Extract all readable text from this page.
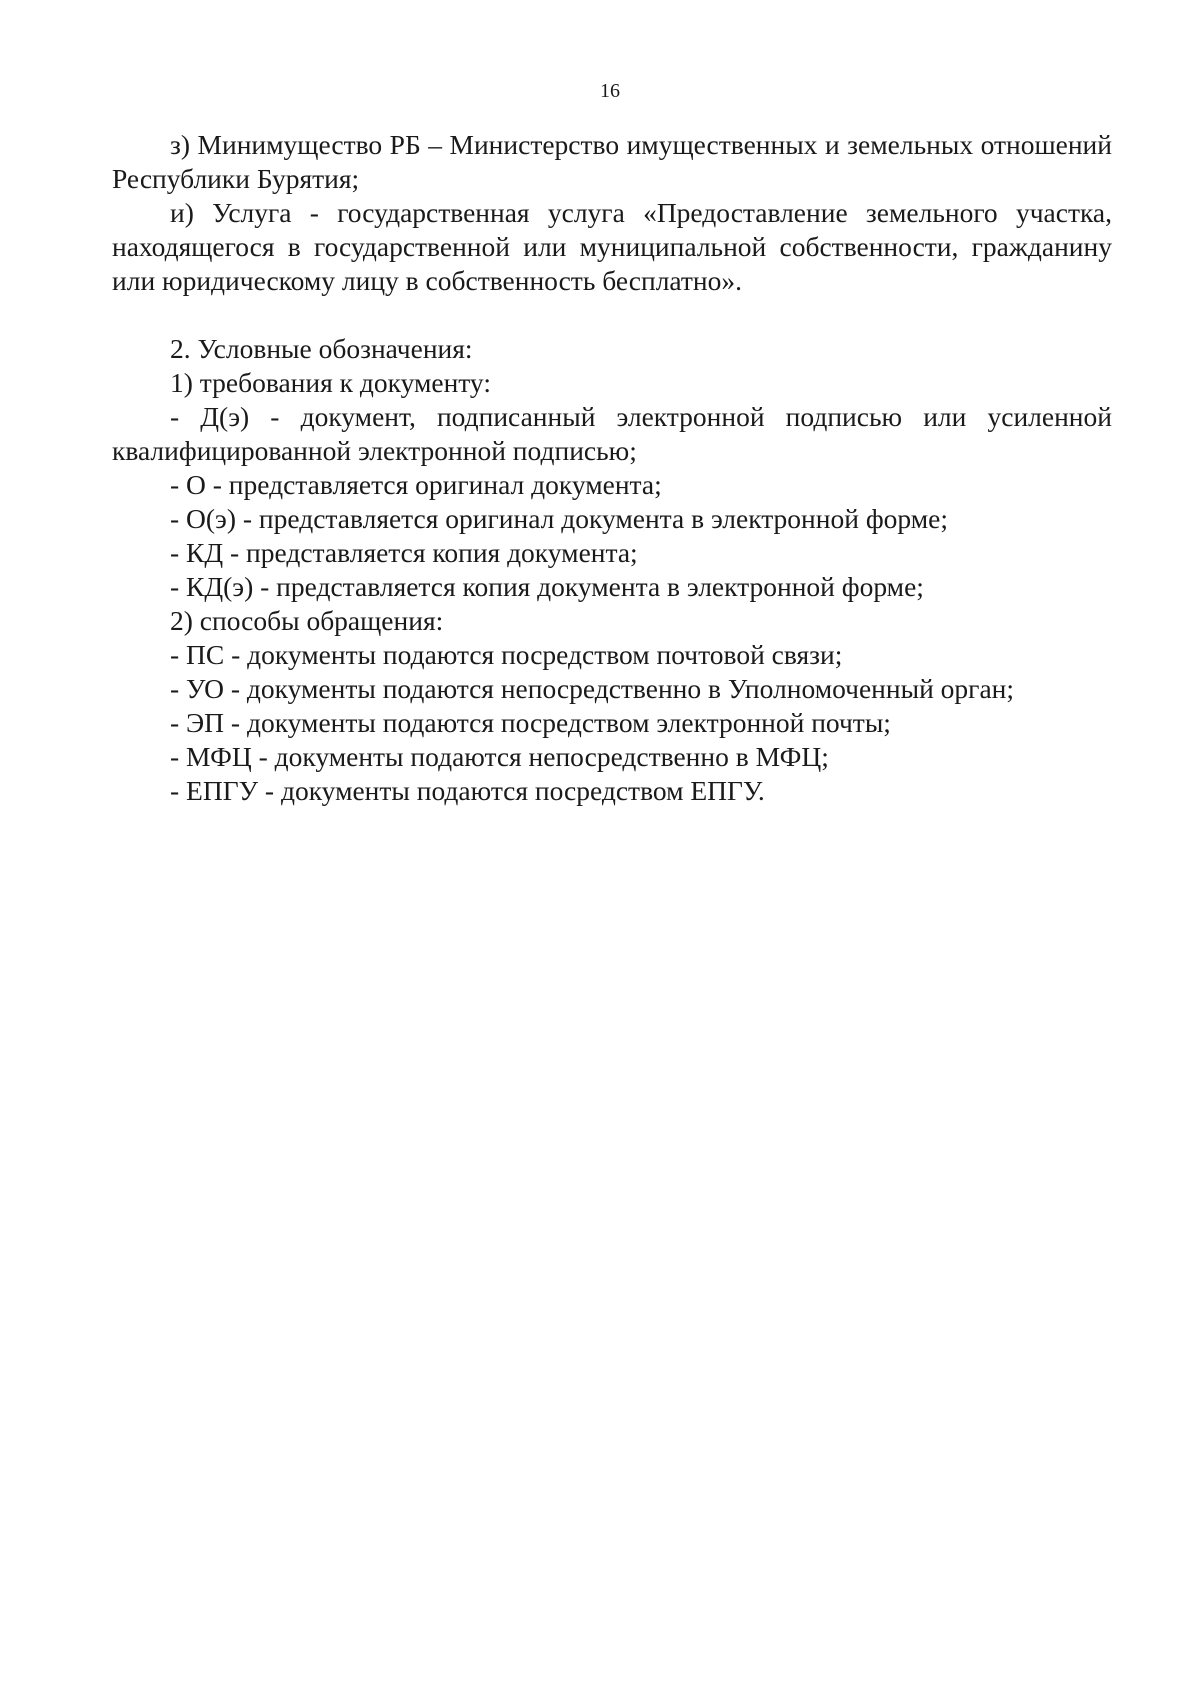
16

з) Минимущество РБ – Министерство имущественных и земельных отношений Республики Бурятия;

и) Услуга - государственная услуга «Предоставление земельного участка, находящегося в государственной или муниципальной собственности, гражданину или юридическому лицу в собственность бесплатно».

2. Условные обозначения:

1) требования к документу:

- Д(э) - документ, подписанный электронной подписью или усиленной квалифицированной электронной подписью;

- О - представляется оригинал документа;

- О(э) - представляется оригинал документа в электронной форме;

- КД - представляется копия документа;

- КД(э) - представляется копия документа в электронной форме;

2) способы обращения:

- ПС - документы подаются посредством почтовой связи;

- УО - документы подаются непосредственно в Уполномоченный орган;

- ЭП - документы подаются посредством электронной почты;

- МФЦ - документы подаются непосредственно в МФЦ;

- ЕПГУ - документы подаются посредством ЕПГУ.
